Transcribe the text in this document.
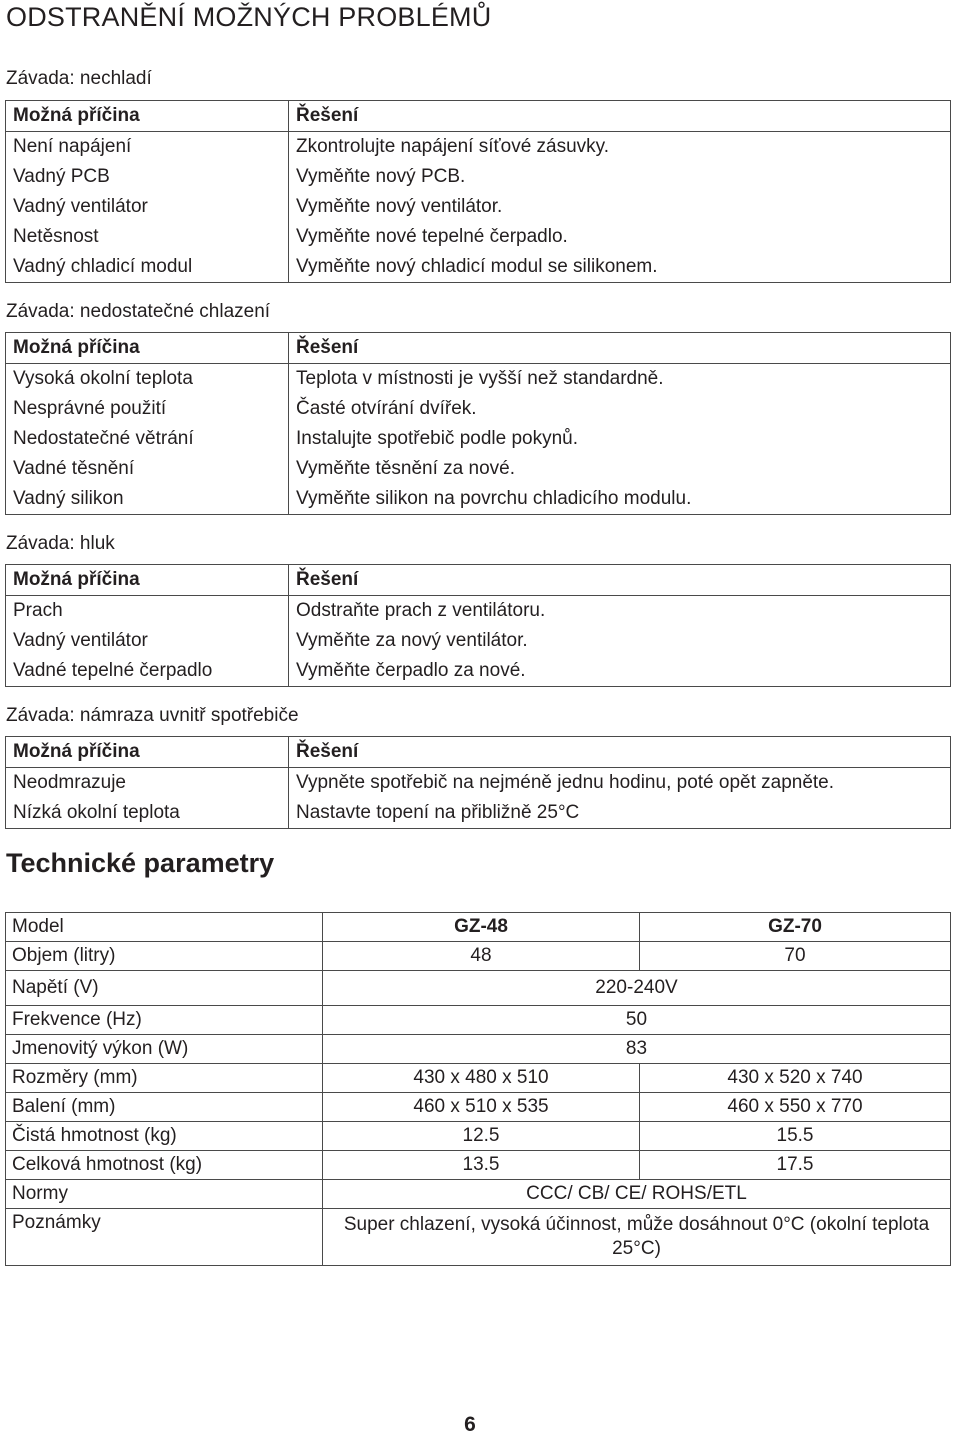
ODSTRANĚNÍ MOŽNÝCH PROBLÉMŮ
Závada: nechladí
Možná příčina	Řešení
Není napájení	Zkontrolujte napájení síťové zásuvky.
Vadný PCB	Vyměňte nový PCB.
Vadný ventilátor	Vyměňte nový ventilátor.
Netěsnost	Vyměňte nové tepelné čerpadlo.
Vadný chladicí modul	Vyměňte nový chladicí modul se silikonem.
Závada: nedostatečné chlazení
Možná příčina	Řešení
Vysoká okolní teplota	Teplota v místnosti je vyšší než standardně.
Nesprávné použití	Časté otvírání dvířek.
Nedostatečné větrání	Instalujte spotřebič podle pokynů.
Vadné těsnění	Vyměňte těsnění za nové.
Vadný silikon	Vyměňte silikon na povrchu chladicího modulu.
Závada: hluk
Možná příčina	Řešení
Prach	Odstraňte prach z ventilátoru.
Vadný ventilátor	Vyměňte za nový ventilátor.
Vadné tepelné čerpadlo	Vyměňte čerpadlo za nové.
Závada: námraza uvnitř spotřebiče
Možná příčina	Řešení
Neodmrazuje	Vypněte spotřebič na nejméně jednu hodinu, poté opět zapněte.
Nízká okolní teplota	Nastavte topení na přibližně 25°C
Technické parametry
Model	GZ-48	GZ-70
Objem (litry)	48	70
Napětí (V)	220-240V	
Frekvence (Hz)	50	
Jmenovitý výkon (W)	83	
Rozměry (mm)	430 x 480 x 510	430 x 520 x 740
Balení (mm)	460 x 510 x 535	460 x 550 x 770
Čistá hmotnost (kg)	12.5	15.5
Celková hmotnost (kg)	13.5	17.5
Normy	CCC/ CB/ CE/ ROHS/ETL	
Poznámky	Super chlazení, vysoká účinnost, může dosáhnout 0°C (okolní teplota 25°C)	
6
